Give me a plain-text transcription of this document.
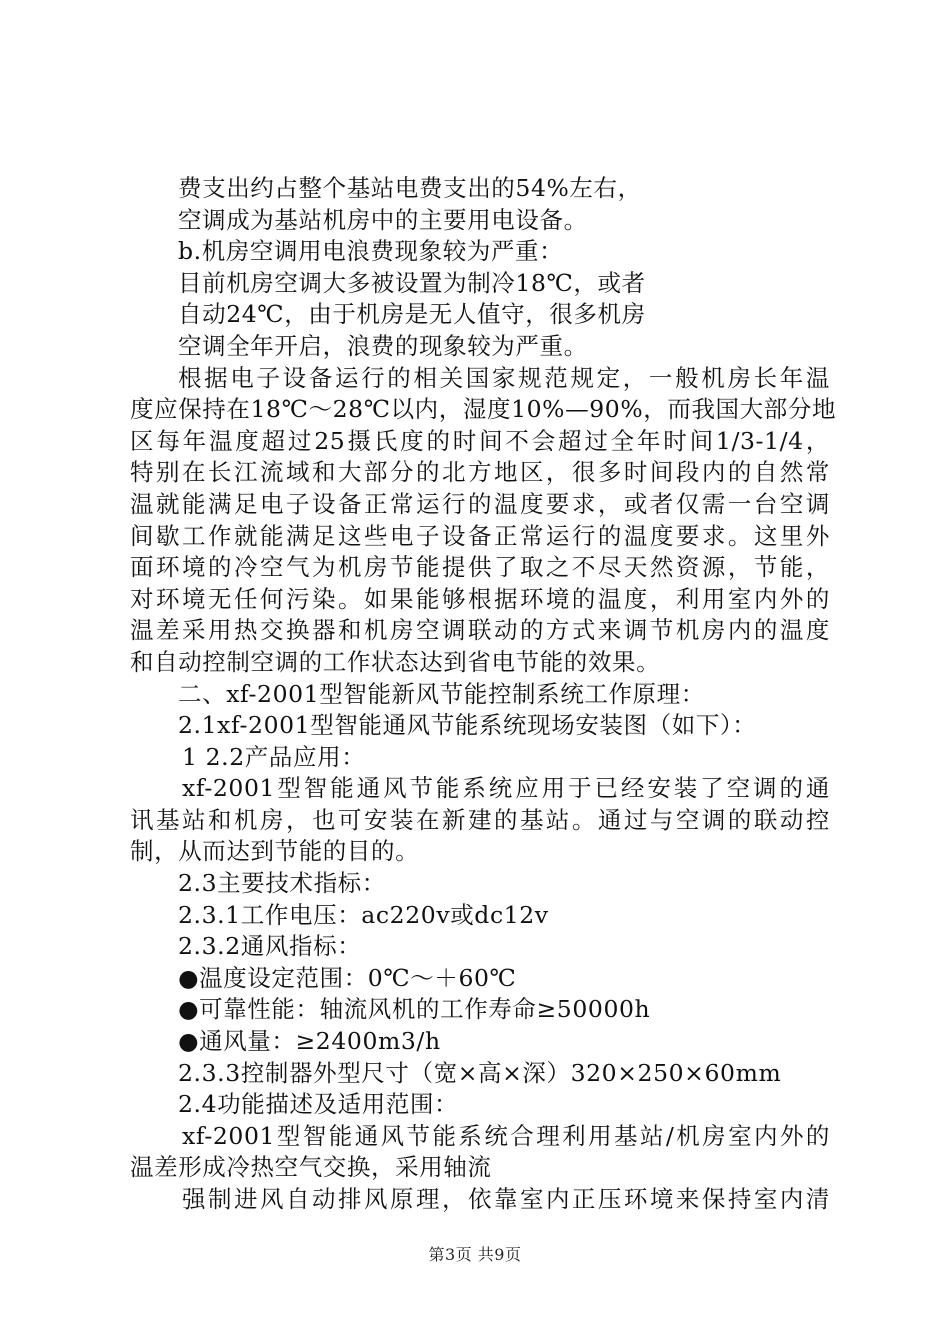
费支出约占整个基站电费支出的54%左右，
空调成为基站机房中的主要用电设备。
b.机房空调用电浪费现象较为严重：
目前机房空调大多被设置为制冷18℃，或者
自动24℃，由于机房是无人值守，很多机房
空调全年开启，浪费的现象较为严重。
根据电子设备运行的相关国家规范规定，一般机房长年温
度应保持在18℃～28℃以内，湿度10%—90%，而我国大部分地
区每年温度超过25摄氏度的时间不会超过全年时间1/3-1/4，
特别在长江流域和大部分的北方地区，很多时间段内的自然常
温就能满足电子设备正常运行的温度要求，或者仅需一台空调
间歇工作就能满足这些电子设备正常运行的温度要求。这里外
面环境的冷空气为机房节能提供了取之不尽天然资源，节能，
对环境无任何污染。如果能够根据环境的温度，利用室内外的
温差采用热交换器和机房空调联动的方式来调节机房内的温度
和自动控制空调的工作状态达到省电节能的效果。
二、xf-2001型智能新风节能控制系统工作原理：
2.1xf-2001型智能通风节能系统现场安装图（如下）：
1 2.2产品应用：
xf-2001型智能通风节能系统应用于已经安装了空调的通
讯基站和机房，也可安装在新建的基站。通过与空调的联动控
制，从而达到节能的目的。
2.3主要技术指标：
2.3.1工作电压：ac220v或dc12v
2.3.2通风指标：
●温度设定范围：0℃～＋60℃
●可靠性能：轴流风机的工作寿命≥50000h
●通风量：≥2400m3/h
2.3.3控制器外型尺寸（宽×高×深）320×250×60mm
2.4功能描述及适用范围：
xf-2001型智能通风节能系统合理利用基站/机房室内外的
温差形成冷热空气交换，采用轴流
强制进风自动排风原理，依靠室内正压环境来保持室内清
第3页 共9页
